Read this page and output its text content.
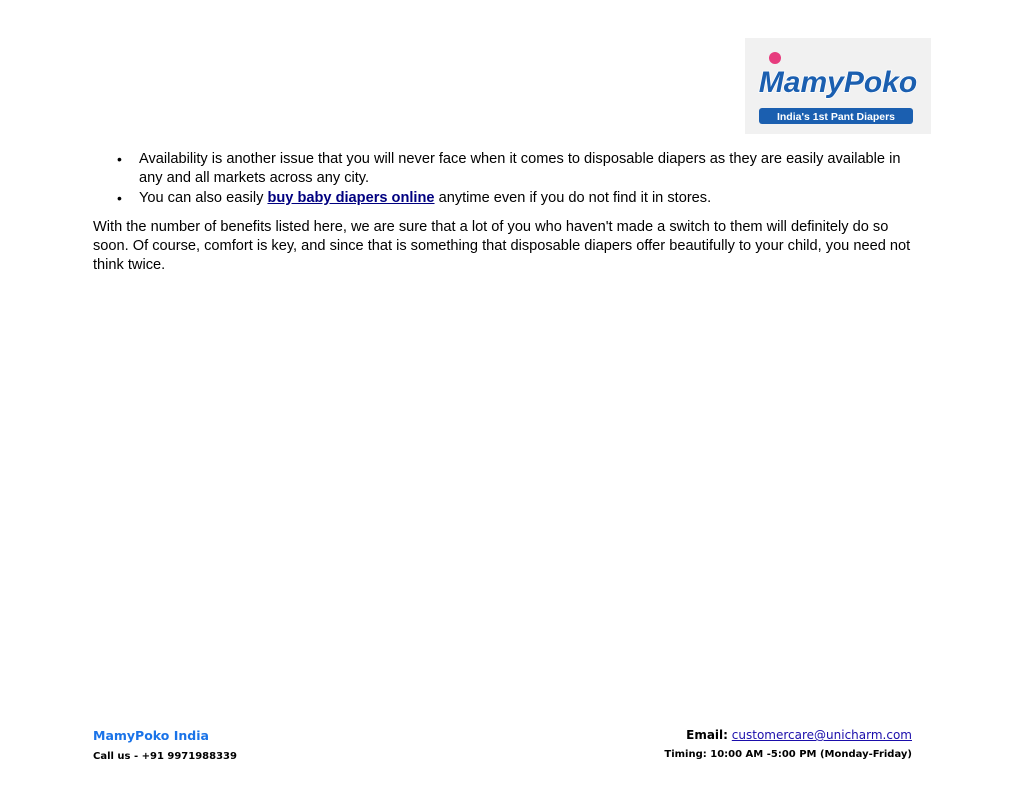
MamyPoko
India's 1st Pant Diapers
• Availability is another issue that you will never face when it comes to disposable diapers as they are easily available in any and all markets across any city.
• You can also easily buy baby diapers online anytime even if you do not find it in stores.

With the number of benefits listed here, we are sure that a lot of you who haven't made a switch to them will definitely do so soon. Of course, comfort is key, and since that is something that disposable diapers offer beautifully to your child, you need not think twice.

MamyPoko India
Call us - +91 9971988339
Email: customercare@unicharm.com
Timing: 10:00 AM -5:00 PM (Monday-Friday)
